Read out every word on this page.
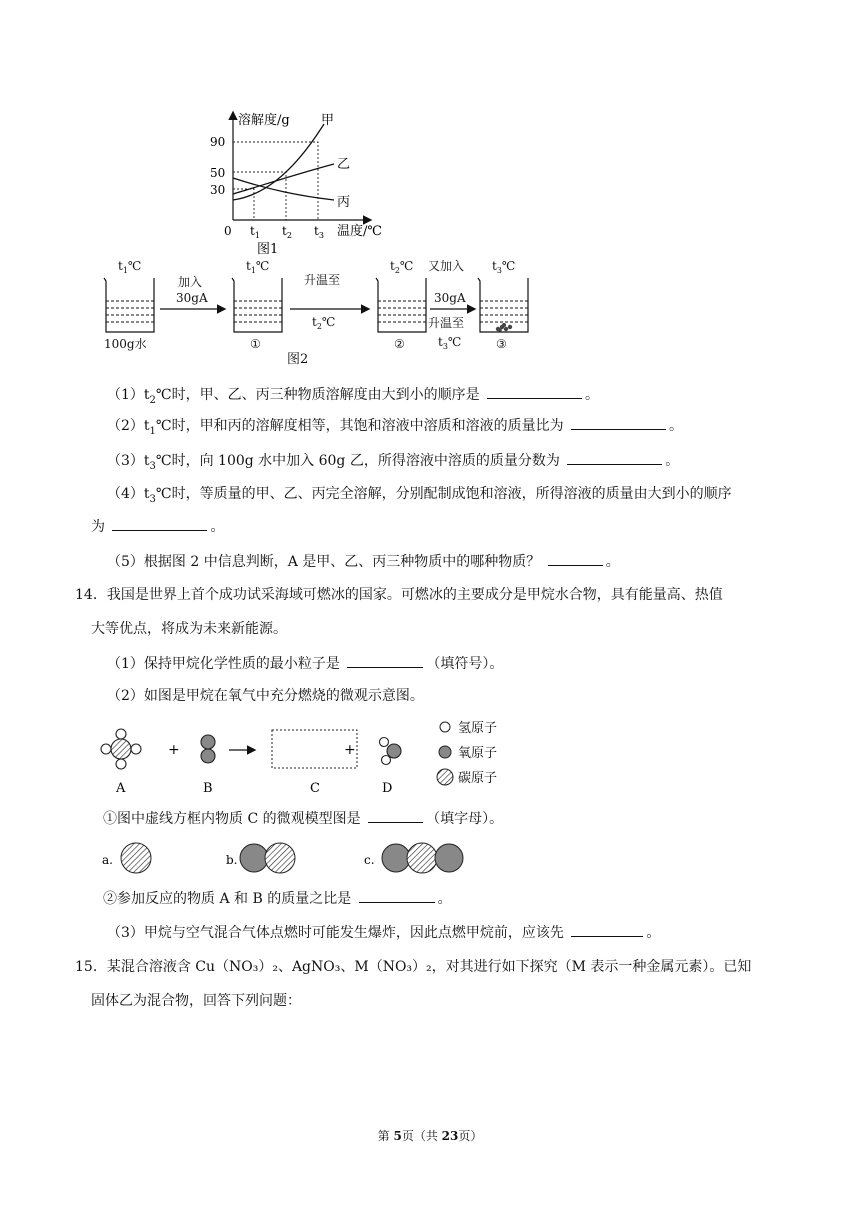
溶解度/g
0
90
50
30
甲
乙
丙
$t_1$ $t_2$ $t_3$ 温度/℃
图1
$t_1℃$
100g水
加入
30gA
$t_1℃$
①
升温至
$t_2℃$
$t_2℃$
②
又加入
30gA
升温至
$t_3℃$
$t_3℃$
③
图2
$(1)t_2℃$时，甲、乙、丙三种物质溶解度由大到小的顺序是	。
$(2)t_1℃$时，甲和丙的溶解度相等，其饱和溶液中溶质和溶液的质量比为	。
$(3)t_3℃$时，向 100g 水中加入 60g 乙，所得溶液中溶质的质量分数为	。
$(4)t_3℃$时，等质量的甲、乙、丙完全溶解，分别配制成饱和溶液，所得溶液的质量由大到小的顺序
为	。
（5）根据图 2 中信息判断，A 是甲、乙、丙三种物质中的哪种物质？	。
14．我国是世界上首个成功试采海域可燃冰的国家。可燃冰的主要成分是甲烷水合物，具有能量高、热值
大等优点，将成为未来新能源。
（1）保持甲烷化学性质的最小粒子是	（填符号）。
（2）如图是甲烷在氧气中充分燃烧的微观示意图。
A
+
B	C
+
D
氢原子
氧原子
碳原子
①图中虚线方框内物质 C 的微观模型图是	（填字母）。
a.	b.	c.
②参加反应的物质 A 和 B 的质量之比是	。
（3）甲烷与空气混合气体点燃时可能发生爆炸，因此点燃甲烷前，应该先	。
15．某混合溶液含 Cu（NO₃）₂、AgNO₃、M（NO₃）₂，对其进行如下探究（M 表示一种金属元素）。已知
固体乙为混合物，回答下列问题：
第 5页（共 23页）
